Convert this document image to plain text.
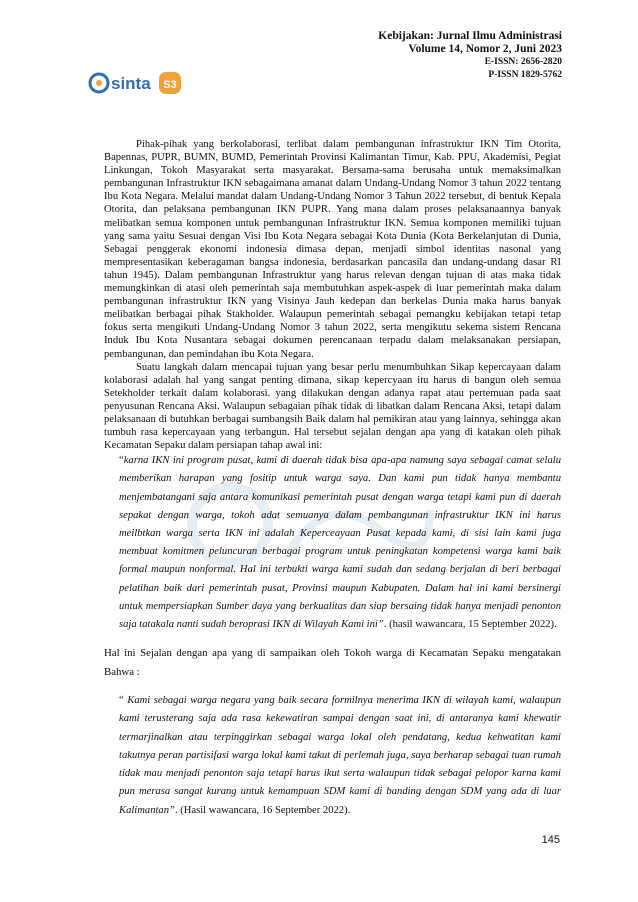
Kebijakan: Jurnal Ilmu Administrasi
Volume 14, Nomor 2, Juni 2023
E-ISSN: 2656-2820
P-ISSN 1829-5762
sinta S3

Pihak-pihak yang berkolaborasi, terlibat dalam pembangunan infrastruktur IKN Tim Otorita, Bapennas, PUPR, BUMN, BUMD, Pemerintah Provinsi Kalimantan Timur, Kab. PPU, Akademisi, Pegiat Linkungan, Tokoh Masyarakat serta masyarakat. Bersama-sama berusaha untuk memaksimalkan pembangunan Infrastruktur IKN sebagaimana amanat dalam Undang-Undang Nomor 3 tahun 2022 tentang Ibu Kota Negara. Melalui mandat dalam Undang-Undang Nomor 3 Tahun 2022 tersebut, di bentuk Kepala Otorita, dan pelaksana pembangunan IKN PUPR. Yang mana dalam proses pelaksanaannya banyak melibatkan semua komponen untuk pembangunan Infrastruktur IKN. Semua komponen memiliki tujuan yang sama yaitu Sesuai dengan Visi Ibu Kota Negara sebagai Kota Dunia (Kota Berkelanjutan di Dunia, Sebagai penggerak ekonomi indonesia dimasa depan, menjadi simbol identitas nasonal yang mempresentasikan keberagaman bangsa indonesia, berdasarkan pancasila dan undang-undang dasar RI tahun 1945). Dalam pembangunan Infrastruktur yang harus relevan dengan tujuan di atas maka tidak memungkinkan di atasi oleh pemerintah saja membutuhkan aspek-aspek di luar pemerintah maka dalam pembangunan infrastruktur IKN yang Visinya Jauh kedepan dan berkelas Dunia maka harus banyak melibatkan berbagai pihak Stakholder. Walaupun pemerintah sebagai pemangku kebijakan tetapi tetap fokus serta mengikuti Undang-Undang Nomor 3 tahun 2022, serta mengikutu sekema sistem Rencana Induk Ibu Kota Nusantara sebagai dokumen perencanaan terpadu dalam melaksanakan persiapan, pembangunan, dan pemindahan ibu Kota Negara.

Suatu langkah dalam mencapai tujuan yang besar perlu menumbuhkan Sikap kepercayaan dalam kolaborasi adalah hal yang sangat penting dimana, sikap kepercyaan itu harus di bangun oleh semua Setekholder terkait dalam kolaborasi. yang dilakukan dengan adanya rapat atau pertemuan pada saat penyusunan Rencana Aksi. Walaupun sebagaian pihak tidak di libatkan dalam Rencana Aksi, tetapi dalam pelaksanaan di butuhkan berbagai sumbangsih Baik dalam hal pemikiran atau yang lainnya, sehingga akan tumbuh rasa kepercayaan yang terbangun. Hal tersebut sejalan dengan apa yang di katakan oleh pihak Kecamatan Sepaku dalam persiapan tahap awal ini:

“karna IKN ini program pusat, kami di daerah tidak bisa apa-apa namung saya sebagai camat selalu memberikan harapan yang fositip untuk warga saya. Dan kami pun tidak hanya membantu menjembatangani saja antara komunikasi pemerintah pusat dengan warga tetapi kami pun di daerah sepakat dengan warga, tokoh adat semuanya dalam pembangunan infrastruktur IKN ini harus meilbtkan warga serta IKN ini adalah Keperceayaan Pusat kepada kami, di sisi lain kami juga membuat komitmen peluncuran berbagai program untuk peningkatan kompetensi warga kami baik formal maupun nonformal. Hal ini terbukti warga kami sudah dan sedang berjalan di beri berbagai pelatihan baik dari pemerintah pusat, Provinsi maupun Kabupaten. Dalam hal ini kami bersinergi untuk mempersiapkan Sumber daya yang berkualitas dan siap bersaing tidak hanya menjadi penonton saja tatakala nanti sudah beroprasi IKN di Wilayah Kami ini”. (hasil wawancara, 15 September 2022).

Hal ini Sejalan dengan apa yang di sampaikan oleh Tokoh warga di Kecamatan Sepaku mengatakan Bahwa :

“ Kami sebagai warga negara yang baik secara formilnya menerima IKN di wilayah kami, walaupun kami terusterang saja ada rasa kekewatiran sampai dengan saat ini, di antaranya kami khewatir termarjinalkan atau terpinggirkan sebagai warga lokal oleh pendatang, kedua kehwatitan kami takutnya peran partisifasi warga lokal kami takut di perlemah juga, saya berharap sebagai tuan rumah tidak mau menjadi penonton saja tetapi harus ikut serta walaupun tidak sebagai pelopor karna kami pun merasa sangat kurang untuk kemampuan SDM kami di banding dengan SDM yang ada di luar Kalimantan”. (Hasil wawancara, 16 September 2022).
145
